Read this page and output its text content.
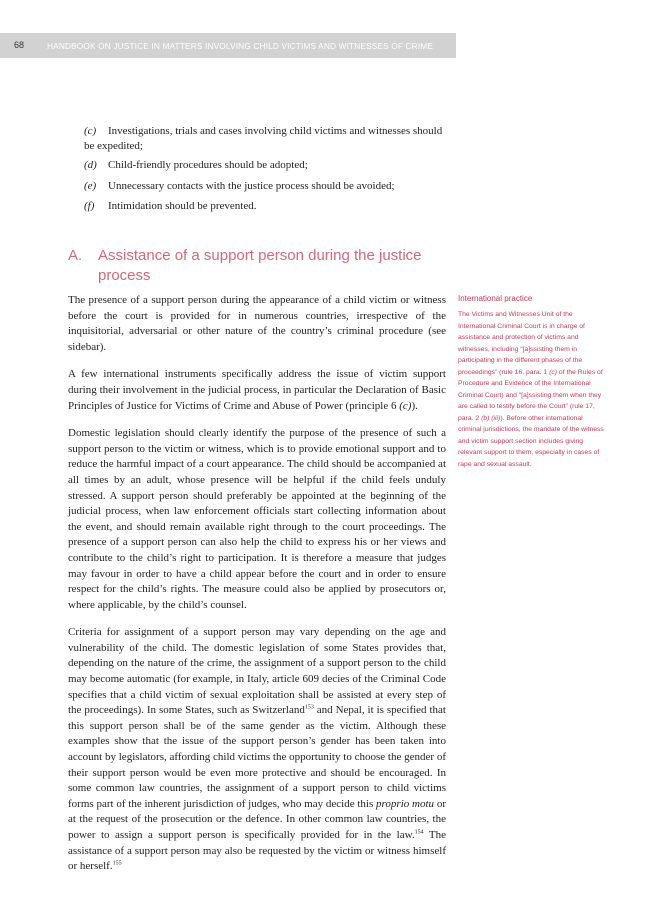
68	HANDBOOK ON JUSTICE IN MATTERS INVOLVING CHILD VICTIMS AND WITNESSES OF CRIME
(c) Investigations, trials and cases involving child victims and witnesses should be expedited;
(d) Child-friendly procedures should be adopted;
(e) Unnecessary contacts with the justice process should be avoided;
(f) Intimidation should be prevented.
A. Assistance of a support person during the justice process

The presence of a support person during the appearance of a child victim or witness before the court is provided for in numerous countries, irrespective of the inquisitorial, adversarial or other nature of the country’s criminal procedure (see sidebar).

A few international instruments specifically address the issue of victim support during their involvement in the judicial process, in particular the Declaration of Basic Principles of Justice for Victims of Crime and Abuse of Power (principle 6 (c)).

Domestic legislation should clearly identify the purpose of the presence of such a support person to the victim or witness, which is to provide emotional support and to reduce the harmful impact of a court appearance. The child should be accompanied at all times by an adult, whose presence will be helpful if the child feels unduly stressed. A support person should preferably be appointed at the beginning of the judicial process, when law enforcement officials start collecting information about the event, and should remain available right through to the court proceedings. The presence of a support person can also help the child to express his or her views and contribute to the child’s right to participation. It is therefore a measure that judges may favour in order to have a child appear before the court and in order to ensure respect for the child’s rights. The measure could also be applied by prosecutors or, where applicable, by the child’s counsel.

Criteria for assignment of a support person may vary depending on the age and vulnerability of the child. The domestic legislation of some States provides that, depending on the nature of the crime, the assignment of a support person to the child may become automatic (for example, in Italy, article 609 decies of the Criminal Code specifies that a child victim of sexual exploitation shall be assisted at every step of the proceedings). In some States, such as Switzerland$^{153}$ and Nepal, it is specified that this support person shall be of the same gender as the victim. Although these examples show that the issue of the support person’s gender has been taken into account by legislators, affording child victims the opportunity to choose the gender of their support person would be even more protective and should be encouraged. In some common law countries, the assignment of a support person to child victims forms part of the inherent jurisdiction of judges, who may decide this proprio motu or at the request of the prosecution or the defence. In other common law countries, the power to assign a support person is specifically provided for in the law.$^{154}$ The assistance of a support person may also be requested by the victim or witness himself or herself.$^{155}$

International practice
The Victims and Witnesses Unit of the International Criminal Court is in charge of assistance and protection of victims and witnesses, including “[a]ssisting them in participating in the different phases of the proceedings” (rule 16, para. 1 (c) of the Rules of Procedure and Evidence of the International Criminal Court) and “[a]ssisting them when they are called to testify before the Court” (rule 17, para. 2 (b) (iii)). Before other international criminal jurisdictions, the mandate of the witness and victim support section includes giving relevant support to them, especially in cases of rape and sexual assault.
